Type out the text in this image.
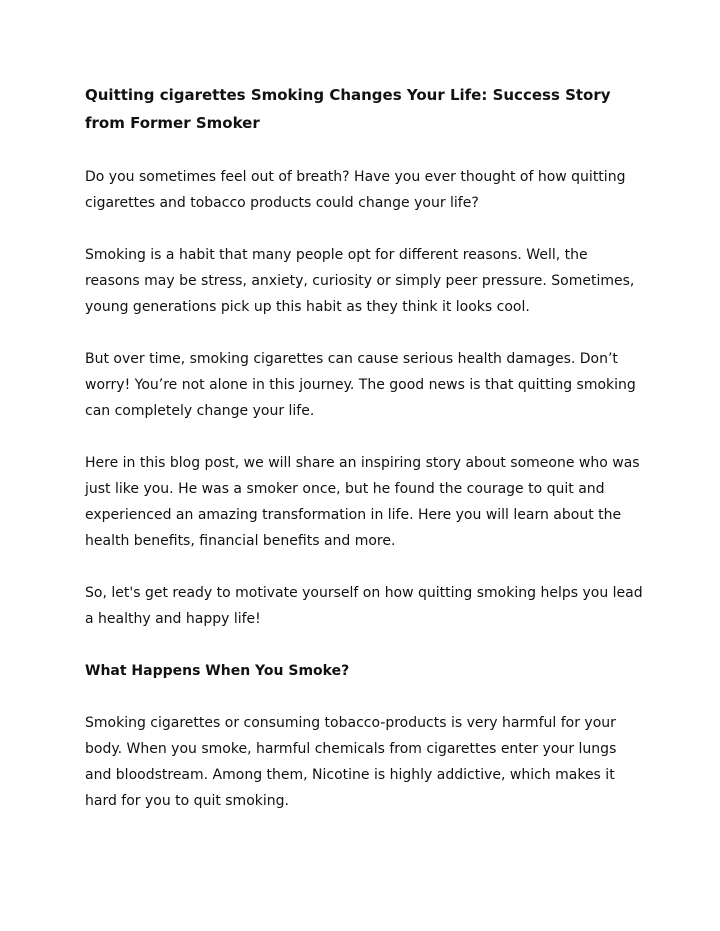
Quitting cigarettes Smoking Changes Your Life: Success Story from Former Smoker

Do you sometimes feel out of breath? Have you ever thought of how quitting cigarettes and tobacco products could change your life?

Smoking is a habit that many people opt for different reasons. Well, the reasons may be stress, anxiety, curiosity or simply peer pressure. Sometimes, young generations pick up this habit as they think it looks cool.

But over time, smoking cigarettes can cause serious health damages. Don’t worry! You’re not alone in this journey. The good news is that quitting smoking can completely change your life.

Here in this blog post, we will share an inspiring story about someone who was just like you. He was a smoker once, but he found the courage to quit and experienced an amazing transformation in life. Here you will learn about the health benefits, financial benefits and more.

So, let's get ready to motivate yourself on how quitting smoking helps you lead a healthy and happy life!

What Happens When You Smoke?

Smoking cigarettes or consuming tobacco-products is very harmful for your body. When you smoke, harmful chemicals from cigarettes enter your lungs and bloodstream. Among them, Nicotine is highly addictive, which makes it hard for you to quit smoking.
